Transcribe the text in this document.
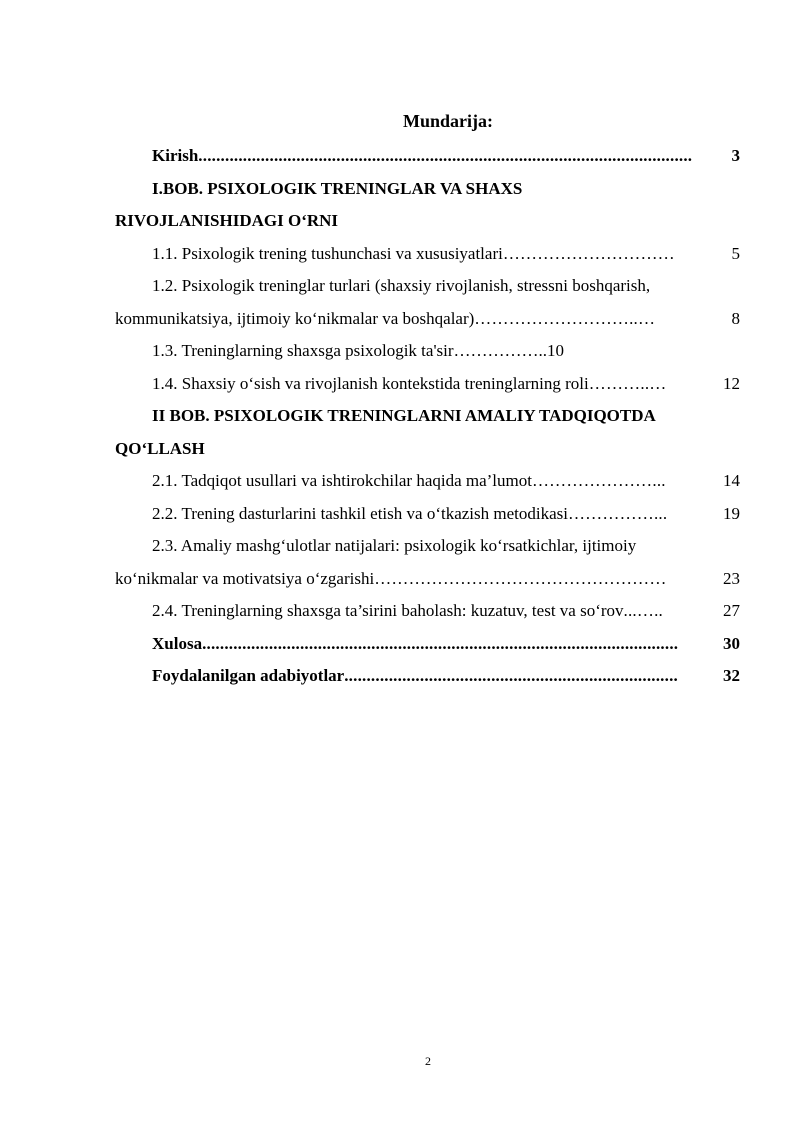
Mundarija:
Kirish ...............................................................................................................	3
I.BOB. PSIXOLOGIK TRENINGLAR VA SHAXS
RIVOJLANISHIDAGI O‘RNI
1.1. Psixologik trening tushunchasi va xususiyatlari …………………………	5
1.2. Psixologik treninglar turlari (shaxsiy rivojlanish, stressni boshqarish,
kommunikatsiya, ijtimoiy ko‘nikmalar va boshqalar) ………………………..…	8
1.3. Treninglarning shaxsga psixologik ta'sir……………..10
1.4. Shaxsiy o‘sish va rivojlanish kontekstida treninglarning roli ………..…	12
II BOB. PSIXOLOGIK TRENINGLARNI AMALIY TADQIQOTDA
QO‘LLASH
2.1. Tadqiqot usullari va ishtirokchilar haqida ma’lumot …………………...	14
2.2. Trening dasturlarini tashkil etish va o‘tkazish metodikasi ……………...	19
2.3. Amaliy mashg‘ulotlar natijalari: psixologik ko‘rsatkichlar, ijtimoiy
ko‘nikmalar va motivatsiya o‘zgarishi ……………………………………………	23
2.4. Treninglarning shaxsga ta’sirini baholash: kuzatuv, test va so‘rov ...…..	27
Xulosa ...........................................................................................................	30
Foydalanilgan adabiyotlar ...........................................................................	32
2
